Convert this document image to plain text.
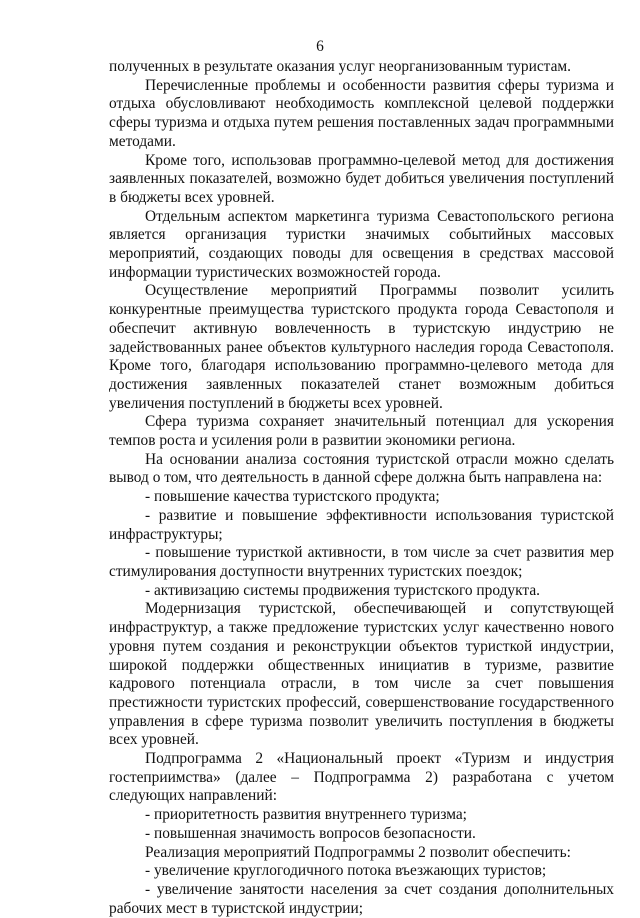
6

полученных в результате оказания услуг неорганизованным туристам.

Перечисленные проблемы и особенности развития сферы туризма и отдыха обусловливают необходимость комплексной целевой поддержки сферы туризма и отдыха путем решения поставленных задач программными методами.

Кроме того, использовав программно-целевой метод для достижения заявленных показателей, возможно будет добиться увеличения поступлений в бюджеты всех уровней.

Отдельным аспектом маркетинга туризма Севастопольского региона является организация туристки значимых событийных массовых мероприятий, создающих поводы для освещения в средствах массовой информации туристических возможностей города.

Осуществление мероприятий Программы позволит усилить конкурентные преимущества туристского продукта города Севастополя и обеспечит активную вовлеченность в туристскую индустрию не задействованных ранее объектов культурного наследия города Севастополя. Кроме того, благодаря использованию программно-целевого метода для достижения заявленных показателей станет возможным добиться увеличения поступлений в бюджеты всех уровней.

Сфера туризма сохраняет значительный потенциал для ускорения темпов роста и усиления роли в развитии экономики региона.

На основании анализа состояния туристской отрасли можно сделать вывод о том, что деятельность в данной сфере должна быть направлена на:

- повышение качества туристского продукта;

- развитие и повышение эффективности использования туристской инфраструктуры;

- повышение туристкой активности, в том числе за счет развития мер стимулирования доступности внутренних туристских поездок;

- активизацию системы продвижения туристского продукта.

Модернизация туристской, обеспечивающей и сопутствующей инфраструктур, а также предложение туристских услуг качественно нового уровня путем создания и реконструкции объектов туристкой индустрии, широкой поддержки общественных инициатив в туризме, развитие кадрового потенциала отрасли, в том числе за счет повышения престижности туристских профессий, совершенствование государственного управления в сфере туризма позволит увеличить поступления в бюджеты всех уровней.

Подпрограмма 2 «Национальный проект «Туризм и индустрия гостеприимства» (далее – Подпрограмма 2) разработана с учетом следующих направлений:

- приоритетность развития внутреннего туризма;

- повышенная значимость вопросов безопасности.

Реализация мероприятий Подпрограммы 2 позволит обеспечить:

- увеличение круглогодичного потока въезжающих туристов;

- увеличение занятости населения за счет создания дополнительных рабочих мест в туристской индустрии;
